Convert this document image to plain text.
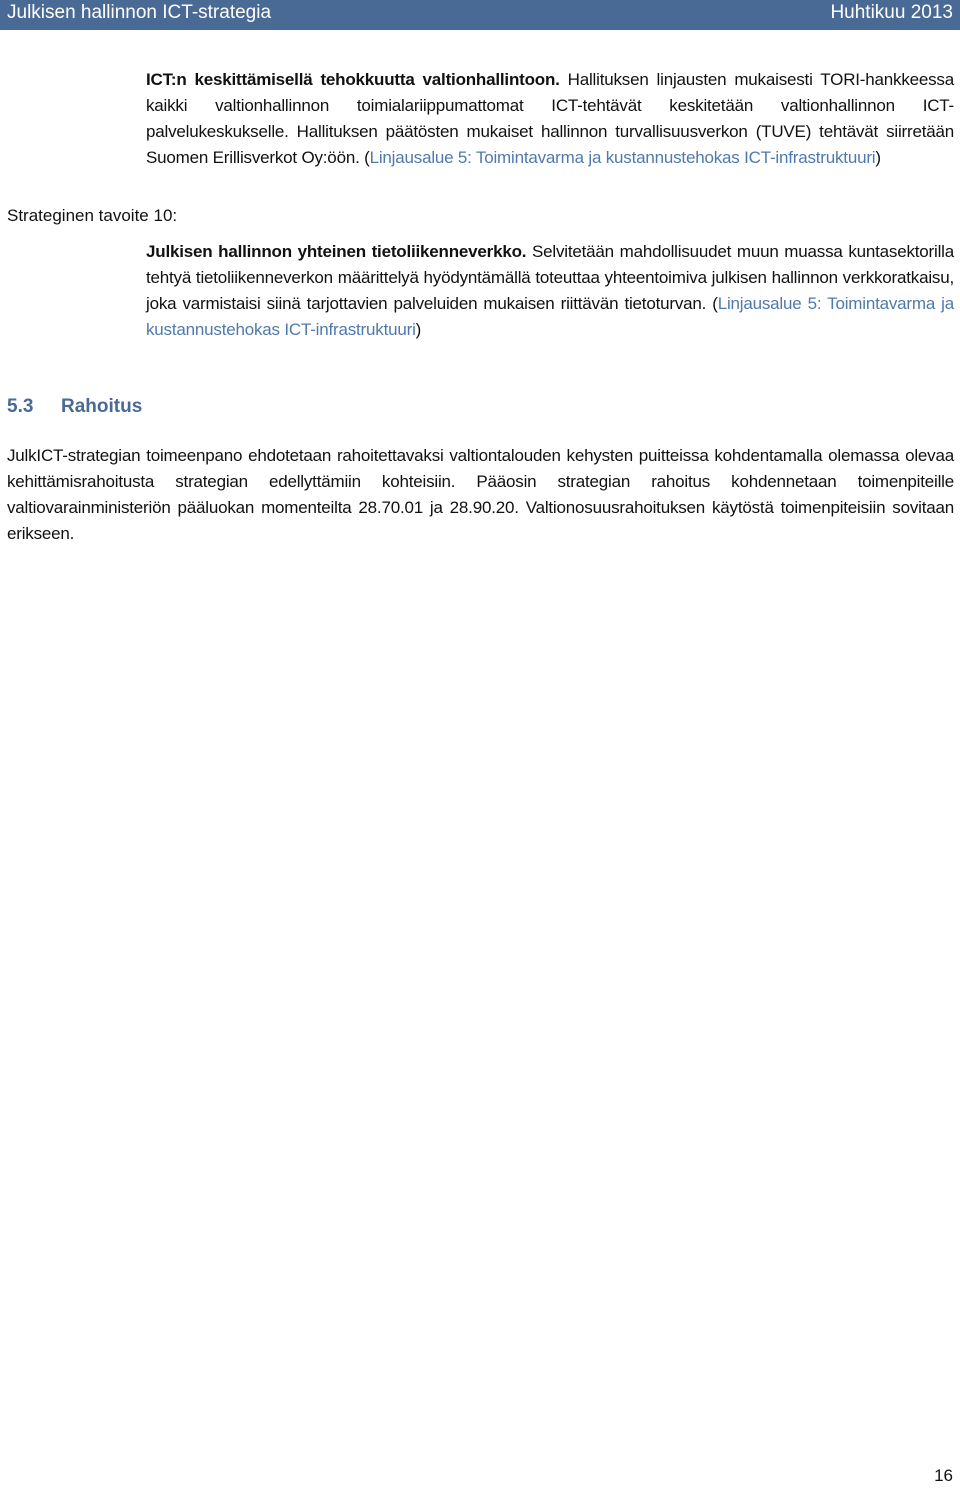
Julkisen hallinnon ICT-strategia	Huhtikuu 2013
Strateginen tavoite 10:
ICT:n keskittämisellä tehokkuutta valtionhallintoon. Hallituksen linjausten mukaisesti TORI-hankkeessa kaikki valtionhallinnon toimialariippumattomat ICT-tehtävät keskitetään valtionhallinnon ICT-palvelukeskukselle. Hallituksen päätösten mukaiset hallinnon turvallisuusverkon (TUVE) tehtävät siirretään Suomen Erillisverkot Oy:öön. (Linjausalue 5: Toimintavarma ja kustannustehokas ICT-infrastruktuuri)
Julkisen hallinnon yhteinen tietoliikenneverkko. Selvitetään mahdollisuudet muun muassa kuntasektorilla tehtyä tietoliikenneverkon määrittelyä hyödyntämällä toteuttaa yhteentoimiva julkisen hallinnon verkkoratkaisu, joka varmistaisi siinä tarjottavien palveluiden mukaisen riittävän tietoturvan. (Linjausalue 5: Toimintavarma ja kustannustehokas ICT-infrastruktuuri)
5.3 Rahoitus
JulkICT-strategian toimeenpano ehdotetaan rahoitettavaksi valtiontalouden kehysten puitteissa kohdentamalla olemassa olevaa kehittämisrahoitusta strategian edellyttämiin kohteisiin. Pääosin strategian rahoitus kohdennetaan toimenpiteille valtiovarainministeriön pääluokan momenteilta 28.70.01 ja 28.90.20. Valtionosuusrahoituksen käytöstä toimenpiteisiin sovitaan erikseen.
16
